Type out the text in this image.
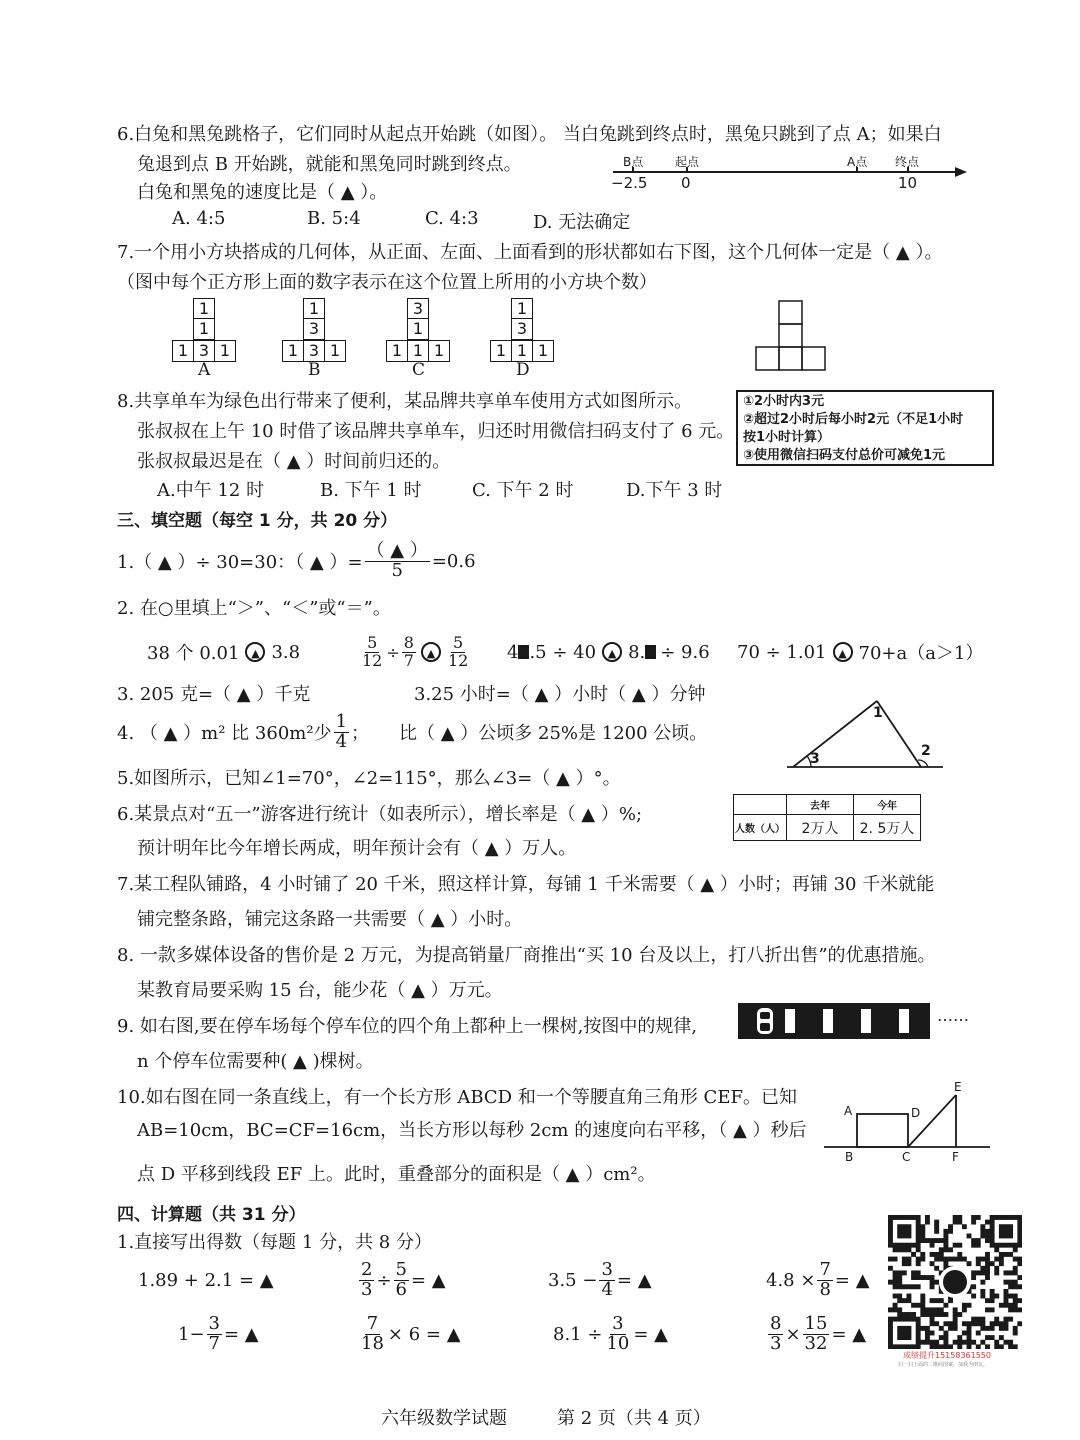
6.白兔和黑兔跳格子，它们同时从起点开始跳（如图）。 当白兔跳到终点时，黑兔只跳到了点 A；如果白
兔退到点 B 开始跳，就能和黑兔同时跳到终点。
白兔和黑兔的速度比是（ ▲ ）。
A. 4:5	B. 5:4	C. 4:3	D. 无法确定
B点	起点	A点 终点
−2.5 0	10
7.一个用小方块搭成的几何体，从正面、左面、上面看到的形状都如右下图，这个几何体一定是（ ▲ ）。
（图中每个正方形上面的数字表示在这个位置上所用的小方块个数）
1
1
1 3 1
A
1
3
1 3 1
B
3
1
1 1 1
C
1
3
1 1 1
D
8.共享单车为绿色出行带来了便利，某品牌共享单车使用方式如图所示。
张叔叔在上午 10 时借了该品牌共享单车，归还时用微信扫码支付了 6 元。
张叔叔最迟是在（ ▲ ）时间前归还的。
A.中午 12 时	B. 下午 1 时	C. 下午 2 时	D.下午 3 时
①2小时内3元
②超过2小时后每小时2元（不足1小时
按1小时计算）
③使用微信扫码支付总价可减免1元
三、填空题（每空 1 分，共 20 分）
1.（ ▲ ）÷ 30=30：（ ▲ ）= $\frac{( ▲ )}{5} =0.6$
2. 在○里填上“＞”、“＜”或“＝”。
38 个 0.01	▲ 3.8	$\frac{5}{12} \div \frac{8}{7}$ ▲ $\frac{5}{12} 4$ .5 ÷ 40	▲ 8. ÷ 9.6 70 ÷ 1.01	▲ 70+a（a＞1）
3. 205 克=（ ▲ ）千克	3.25 小时=（ ▲ ）小时（ ▲ ）分钟
4. （ ▲ ）m² 比 360m²少 $\frac{1}{4}$ ； 比（ ▲ ）公顷多 25%是 1200 公顷。
1
2
3
5.如图所示，已知∠1=70°，∠2=115°，那么∠3=（ ▲ ）°。
6.某景点对“五一”游客进行统计（如表所示），增长率是（ ▲ ）%;
预计明年比今年增长两成，明年预计会有（ ▲ ）万人。
	去年	今年
人数（人）	2万人	2. 5万人
7.某工程队铺路，4 小时铺了 20 千米，照这样计算，每铺 1 千米需要（ ▲ ）小时；再铺 30 千米就能
铺完整条路，铺完这条路一共需要（ ▲ ）小时。
8. 一款多媒体设备的售价是 2 万元，为提高销量厂商推出“买 10 台及以上，打八折出售”的优惠措施。
某教育局要采购 15 台，能少花（ ▲ ）万元。
9. 如右图,要在停车场每个停车位的四个角上都种上一棵树,按图中的规律,
n 个停车位需要种( ▲ )棵树。
……
10.如右图在同一条直线上，有一个长方形 ABCD 和一个等腰直角三角形 CEF。已知
AB=10cm，BC=CF=16cm，当长方形以每秒 2cm 的速度向右平移，（ ▲ ）秒后
点 D 平移到线段 EF 上。此时，重叠部分的面积是（ ▲ ）cm²。
A	D
E
B	C	F
四、计算题（共 31 分）
1.直接写出得数（每题 1 分，共 8 分）
1.89 + 2.1 = ▲	$\frac{2}{3} \div \frac{5}{6}$ = ▲	$3.5 - \frac{3}{4}$ = ▲	$4.8 \times \frac{7}{8}$ = ▲
$1- \frac{3}{7}$ = ▲	$\frac{7}{18} \times 6$ = ▲	$8.1 \div \frac{3}{10}$ = ▲	$\frac{8}{3} \times \frac{15}{32}$ = ▲
成绩提升15158361550
扫一扫上面的二维码图案，加我为朋友。
六年级数学试题	第 2 页（共 4 页）
